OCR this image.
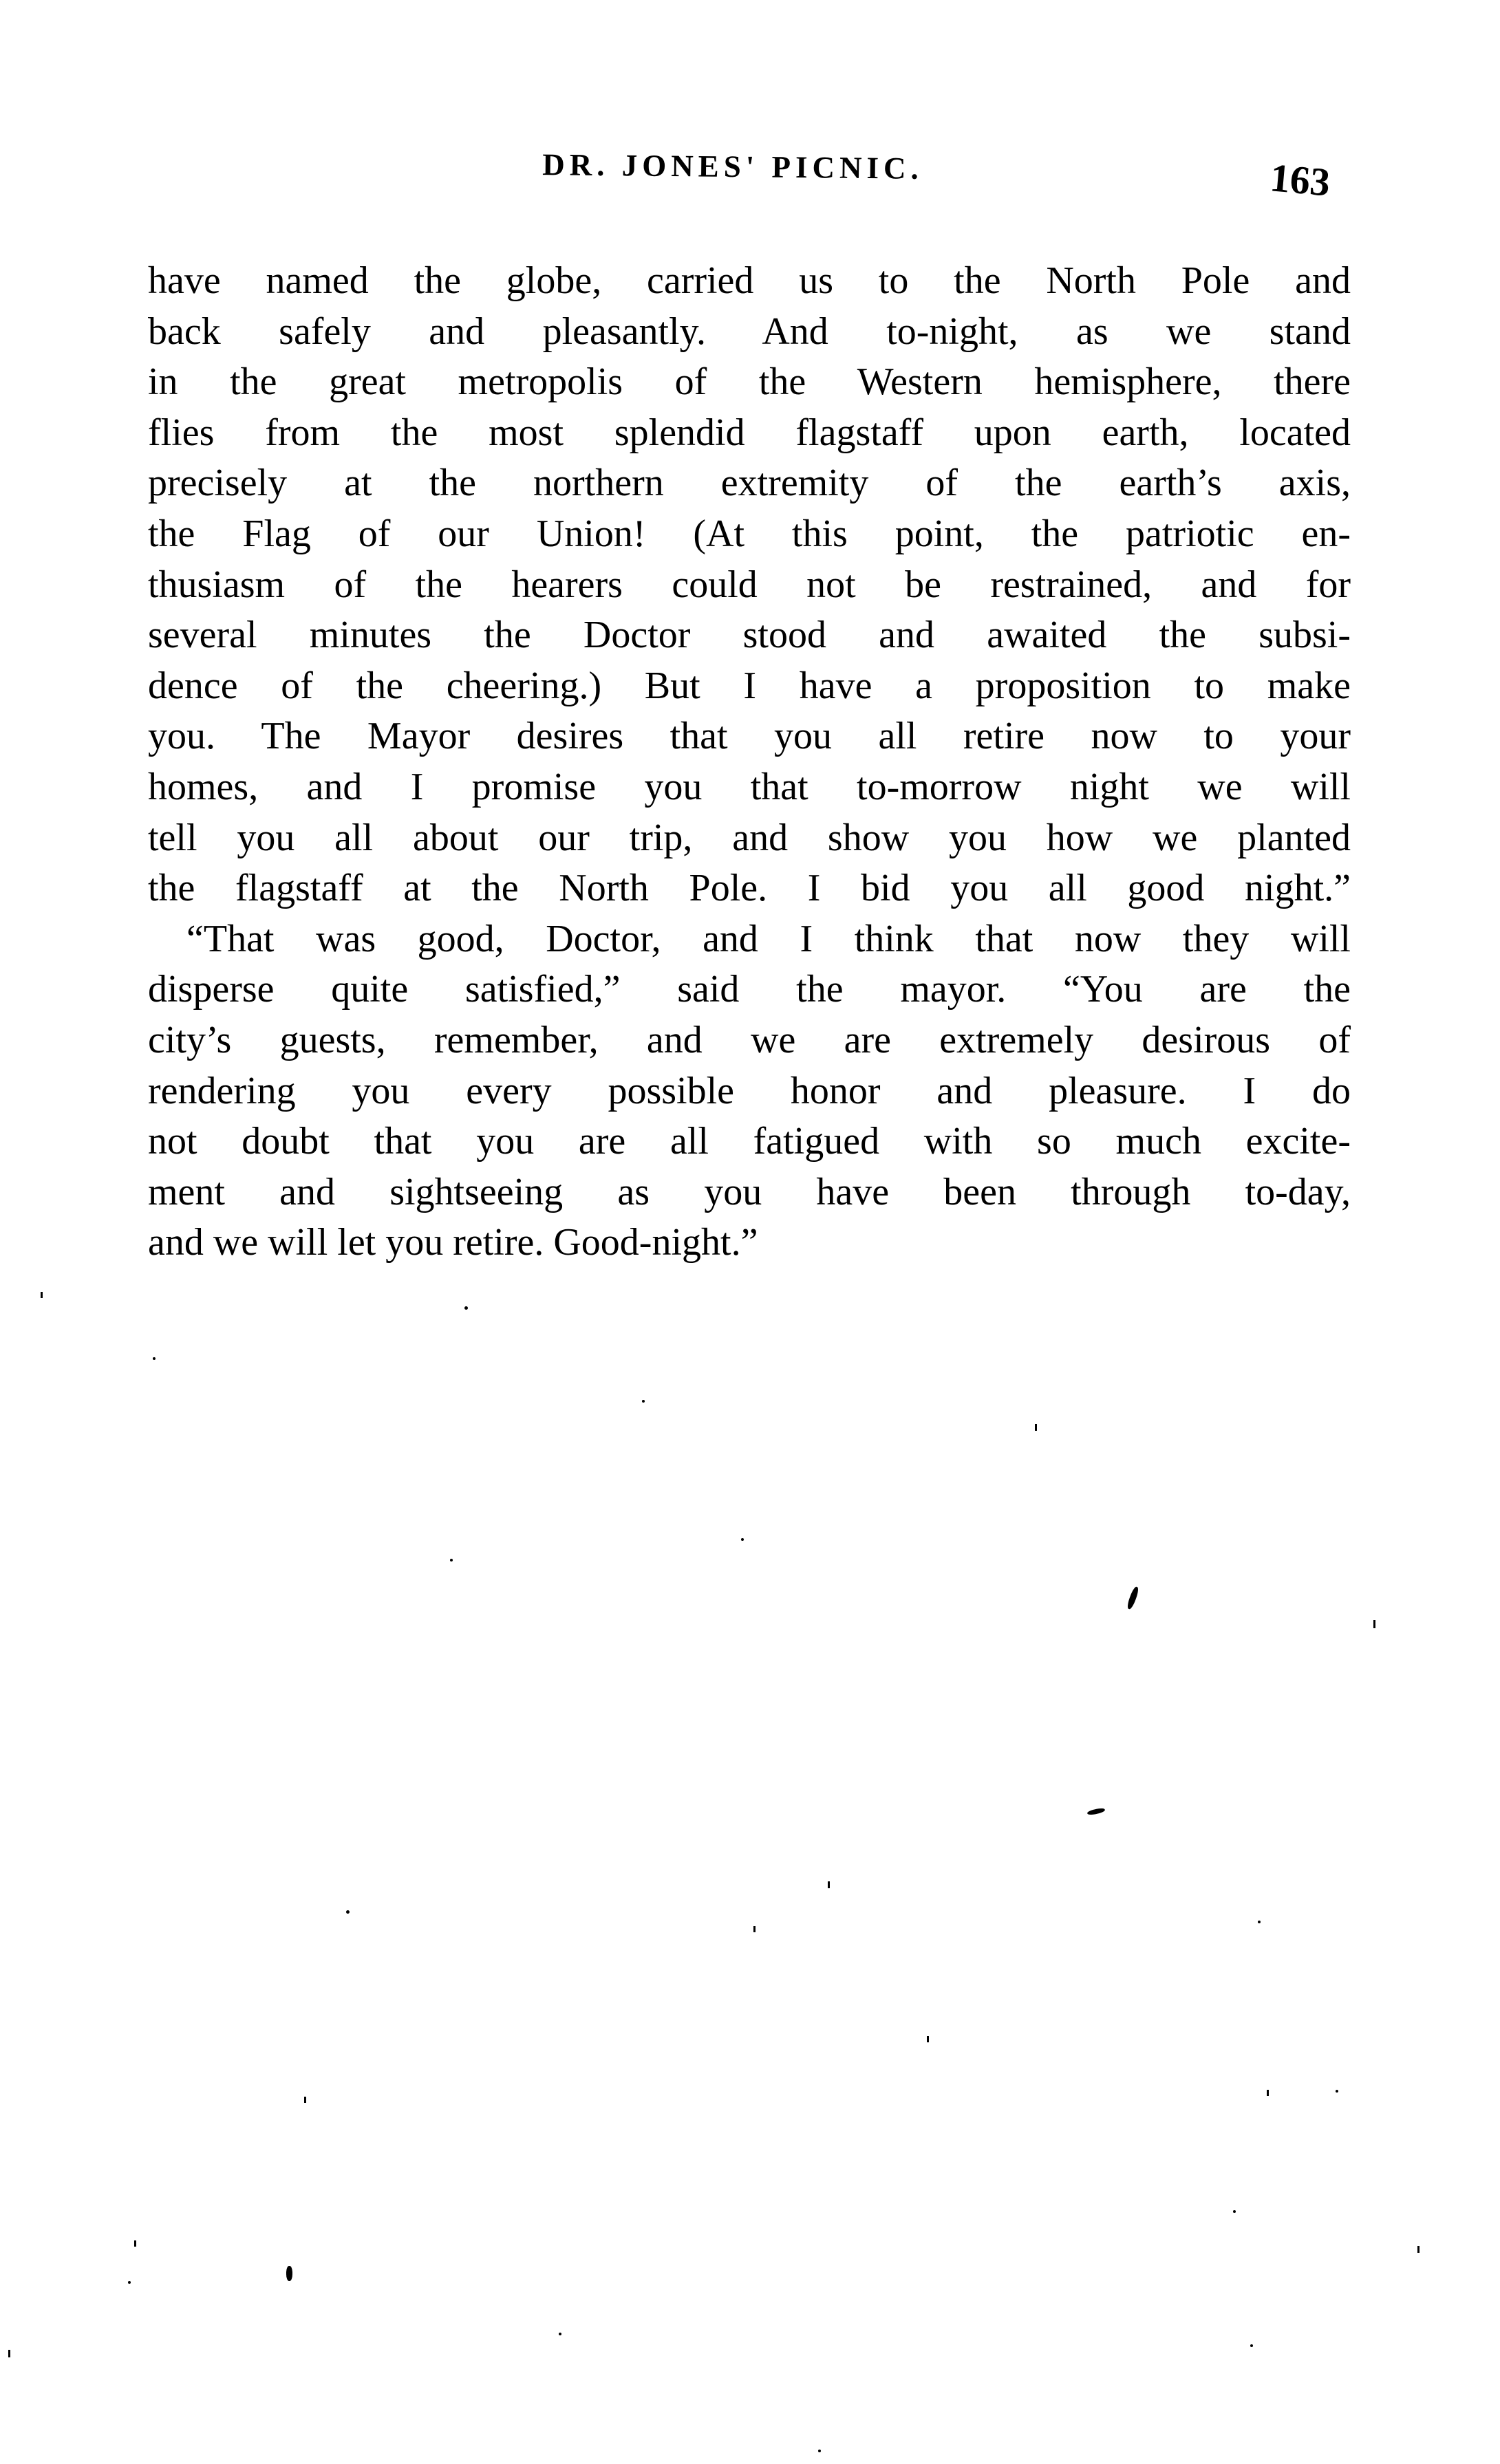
DR. JONES' PICNIC.	163
have named the globe, carried us to the North Pole and
back safely and pleasantly. And to-night, as we stand
in the great metropolis of the Western hemisphere, there
flies from the most splendid flagstaff upon earth, located
precisely at the northern extremity of the earth’s axis,
the Flag of our Union! (At this point, the patriotic en-
thusiasm of the hearers could not be restrained, and for
several minutes the Doctor stood and awaited the subsi-
dence of the cheering.) But I have a proposition to make
you. The Mayor desires that you all retire now to your
homes, and I promise you that to-morrow night we will
tell you all about our trip, and show you how we planted
the flagstaff at the North Pole. I bid you all good night.”
“That was good, Doctor, and I think that now they will
disperse quite satisfied,” said the mayor. “You are the
city’s guests, remember, and we are extremely desirous of
rendering you every possible honor and pleasure. I do
not doubt that you are all fatigued with so much excite-
ment and sightseeing as you have been through to-day,
and we will let you retire. Good-night.”
